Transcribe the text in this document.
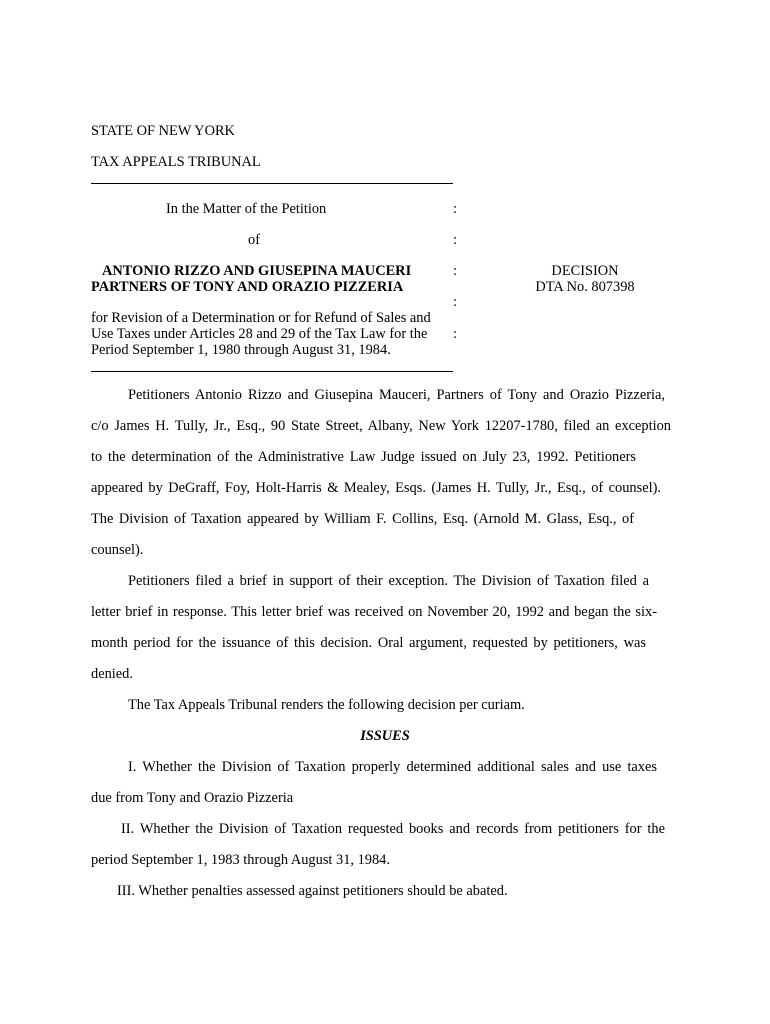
STATE OF NEW YORK
TAX APPEALS TRIBUNAL
In the Matter of the Petition	:
of	:
ANTONIO RIZZO AND GIUSEPINA MAUCERI	:
PARTNERS OF TONY AND ORAZIO PIZZERIA
:
DECISION
DTA No. 807398
for Revision of a Determination or for Refund of Sales and
Use Taxes under Articles 28 and 29 of the Tax Law for the :
Period September 1, 1980 through August 31, 1984.
Petitioners Antonio Rizzo and Giusepina Mauceri, Partners of Tony and Orazio Pizzeria,
c/o James H. Tully, Jr., Esq., 90 State Street, Albany, New York 12207-1780, filed an exception
to the determination of the Administrative Law Judge issued on July 23, 1992. Petitioners
appeared by DeGraff, Foy, Holt-Harris & Mealey, Esqs. (James H. Tully, Jr., Esq., of counsel).
The Division of Taxation appeared by William F. Collins, Esq. (Arnold M. Glass, Esq., of
counsel).
Petitioners filed a brief in support of their exception. The Division of Taxation filed a
letter brief in response. This letter brief was received on November 20, 1992 and began the six-
month period for the issuance of this decision. Oral argument, requested by petitioners, was
denied.
The Tax Appeals Tribunal renders the following decision per curiam.
ISSUES
I. Whether the Division of Taxation properly determined additional sales and use taxes
due from Tony and Orazio Pizzeria
II. Whether the Division of Taxation requested books and records from petitioners for the
period September 1, 1983 through August 31, 1984.
III. Whether penalties assessed against petitioners should be abated.
